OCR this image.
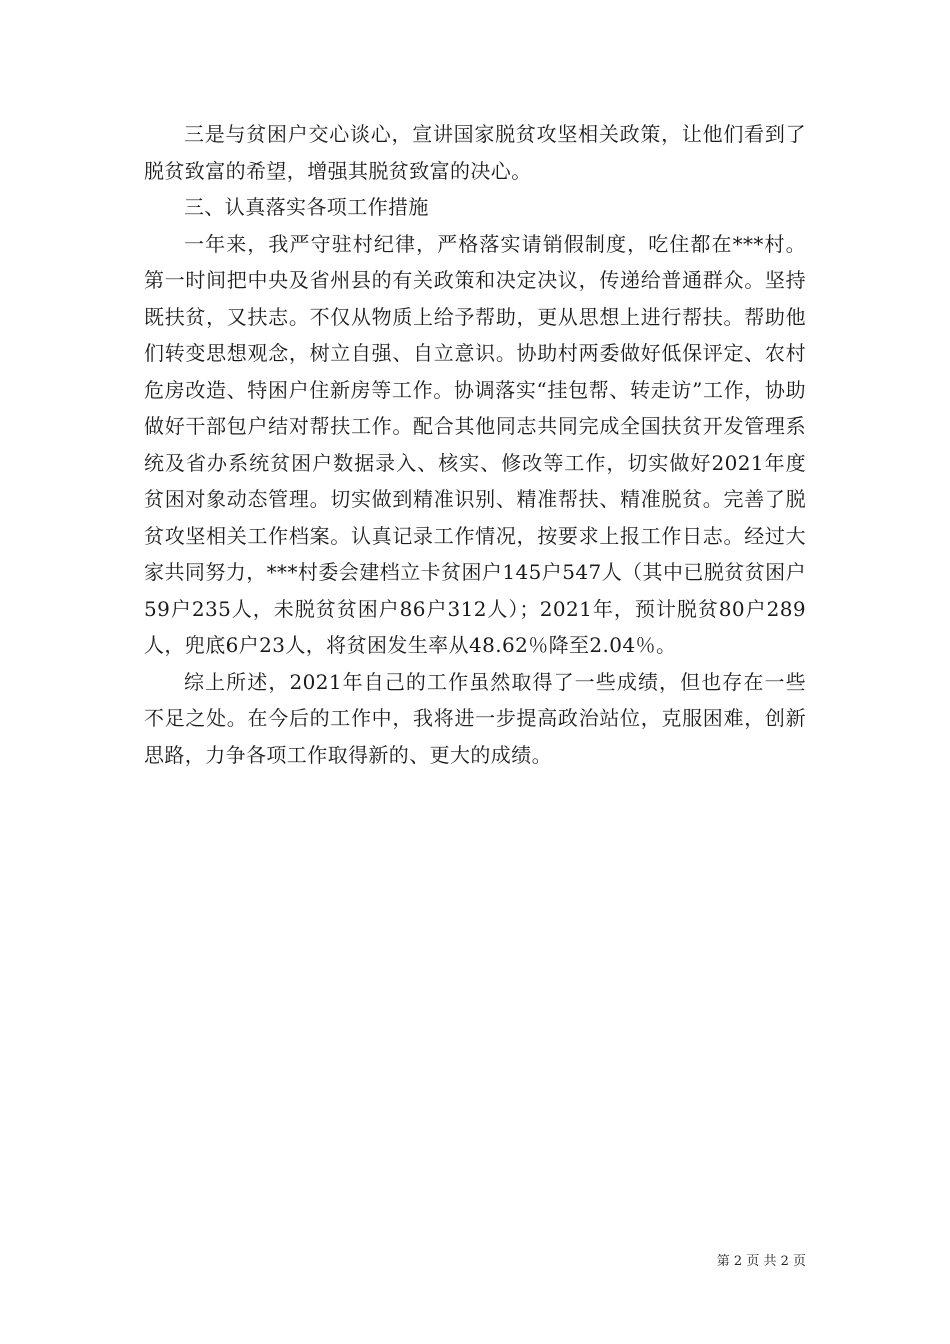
三是与贫困户交心谈心，宣讲国家脱贫攻坚相关政策，让他们看到了脱贫致富的希望，增强其脱贫致富的决心。

三、认真落实各项工作措施

一年来，我严守驻村纪律，严格落实请销假制度，吃住都在***村。第一时间把中央及省州县的有关政策和决定决议，传递给普通群众。坚持既扶贫，又扶志。不仅从物质上给予帮助，更从思想上进行帮扶。帮助他们转变思想观念，树立自强、自立意识。协助村两委做好低保评定、农村危房改造、特困户住新房等工作。协调落实“挂包帮、转走访”工作，协助做好干部包户结对帮扶工作。配合其他同志共同完成全国扶贫开发管理系统及省办系统贫困户数据录入、核实、修改等工作，切实做好2021年度贫困对象动态管理。切实做到精准识别、精准帮扶、精准脱贫。完善了脱贫攻坚相关工作档案。认真记录工作情况，按要求上报工作日志。经过大家共同努力，***村委会建档立卡贫困户145户547人（其中已脱贫贫困户59户235人，未脱贫贫困户86户312人）；2021年，预计脱贫80户289人，兜底6户23人，将贫困发生率从48.62％降至2.04％。

综上所述，2021年自己的工作虽然取得了一些成绩，但也存在一些不足之处。在今后的工作中，我将进一步提高政治站位，克服困难，创新思路，力争各项工作取得新的、更大的成绩。

第 2 页 共 2 页
